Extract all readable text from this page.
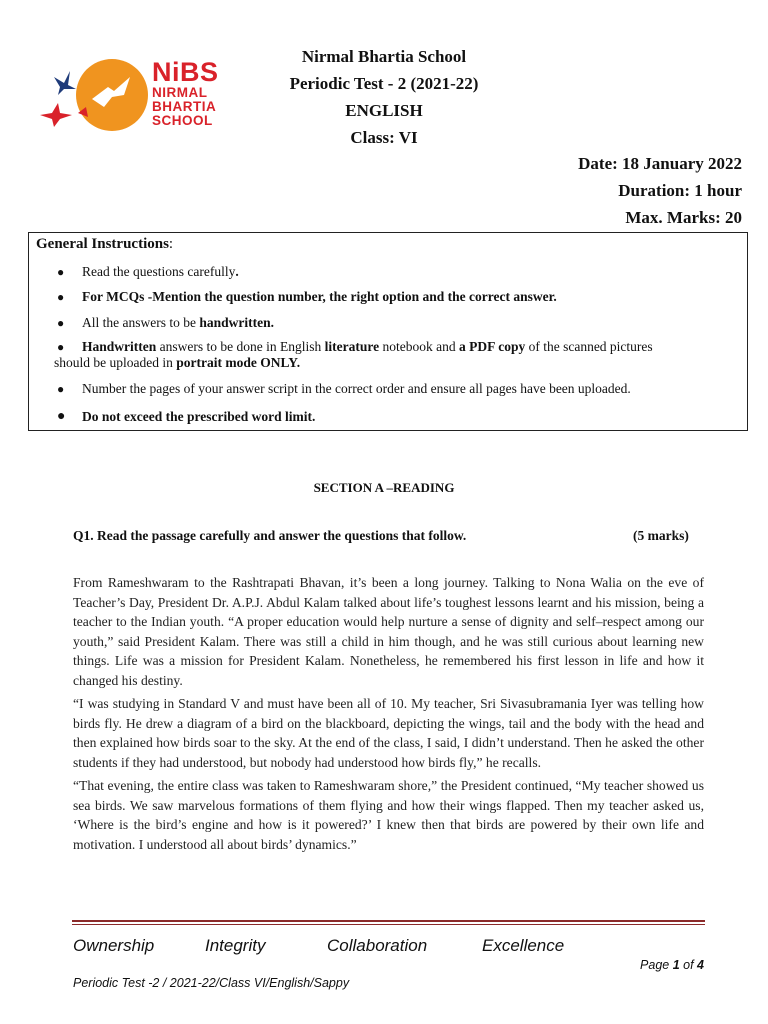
NiBS
NIRMAL
BHARTIA
SCHOOL
Nirmal Bhartia School
Periodic Test - 2 (2021-22)
ENGLISH
Class: VI
Date: 18 January 2022
Duration: 1 hour
Max. Marks: 20
General Instructions:
●	Read the questions carefully.
●	For MCQs -Mention the question number, the right option and the correct answer.
●	All the answers to be handwritten.
●	Handwritten answers to be done in English literature notebook and a PDF copy of the scanned pictures
should be uploaded in portrait mode ONLY.
●	Number the pages of your answer script in the correct order and ensure all pages have been uploaded.
●	Do not exceed the prescribed word limit.
SECTION A –READING
Q1. Read the passage carefully and answer the questions that follow.	(5 marks)

From Rameshwaram to the Rashtrapati Bhavan, it’s been a long journey. Talking to Nona Walia on the eve of Teacher’s Day, President Dr. A.P.J. Abdul Kalam talked about life’s toughest lessons learnt and his mission, being a teacher to the Indian youth. “A proper education would help nurture a sense of dignity and self–respect among our youth,” said President Kalam. There was still a child in him though, and he was still curious about learning new things. Life was a mission for President Kalam. Nonetheless, he remembered his first lesson in life and how it changed his destiny.

“I was studying in Standard V and must have been all of 10. My teacher, Sri Sivasubramania Iyer was telling how birds fly. He drew a diagram of a bird on the blackboard, depicting the wings, tail and the body with the head and then explained how birds soar to the sky. At the end of the class, I said, I didn’t understand. Then he asked the other students if they had understood, but nobody had understood how birds fly,” he recalls.

“That evening, the entire class was taken to Rameshwaram shore,” the President continued, “My teacher showed us sea birds. We saw marvelous formations of them flying and how their wings flapped. Then my teacher asked us, ‘Where is the bird’s engine and how is it powered?’ I knew then that birds are powered by their own life and motivation. I understood all about birds’ dynamics.”

Ownership	Integrity	Collaboration	Excellence
Page 1 of 4
Periodic Test -2 / 2021-22/Class VI/English/Sappy
